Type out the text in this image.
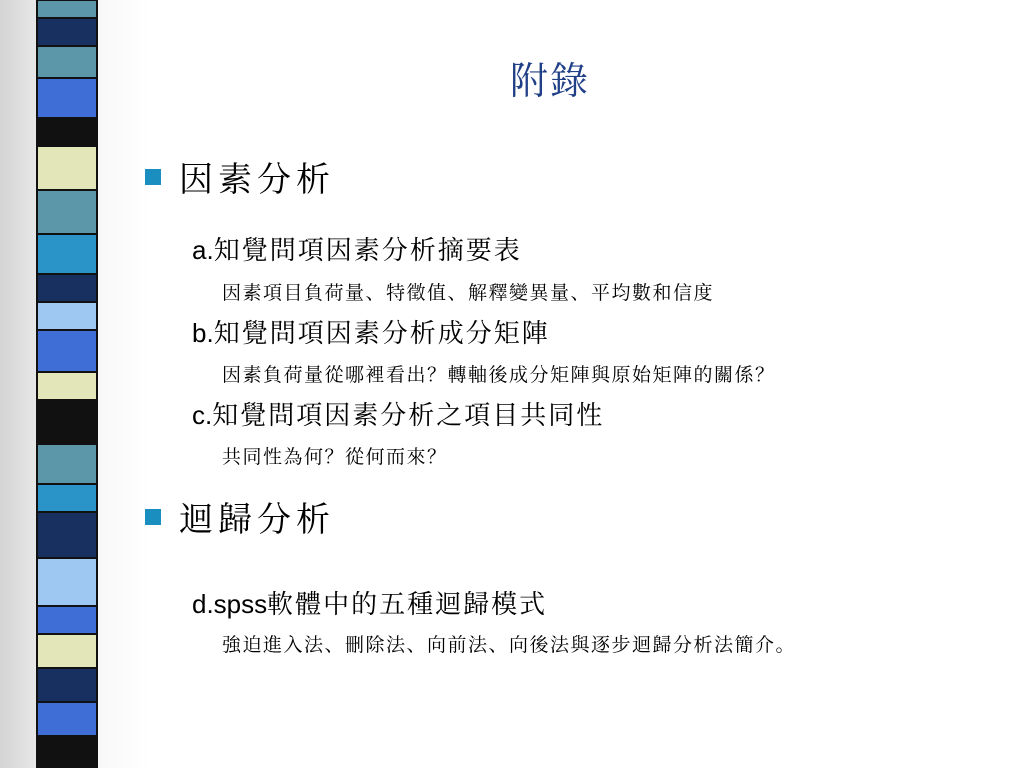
附錄
因素分析
a.知覺問項因素分析摘要表
因素項目負荷量、特徵值、解釋變異量、平均數和信度
b.知覺問項因素分析成分矩陣
因素負荷量從哪裡看出？轉軸後成分矩陣與原始矩陣的關係？
c.知覺問項因素分析之項目共同性
共同性為何？從何而來？
迴歸分析
d.spss軟體中的五種迴歸模式
強迫進入法、刪除法、向前法、向後法與逐步迴歸分析法簡介。
